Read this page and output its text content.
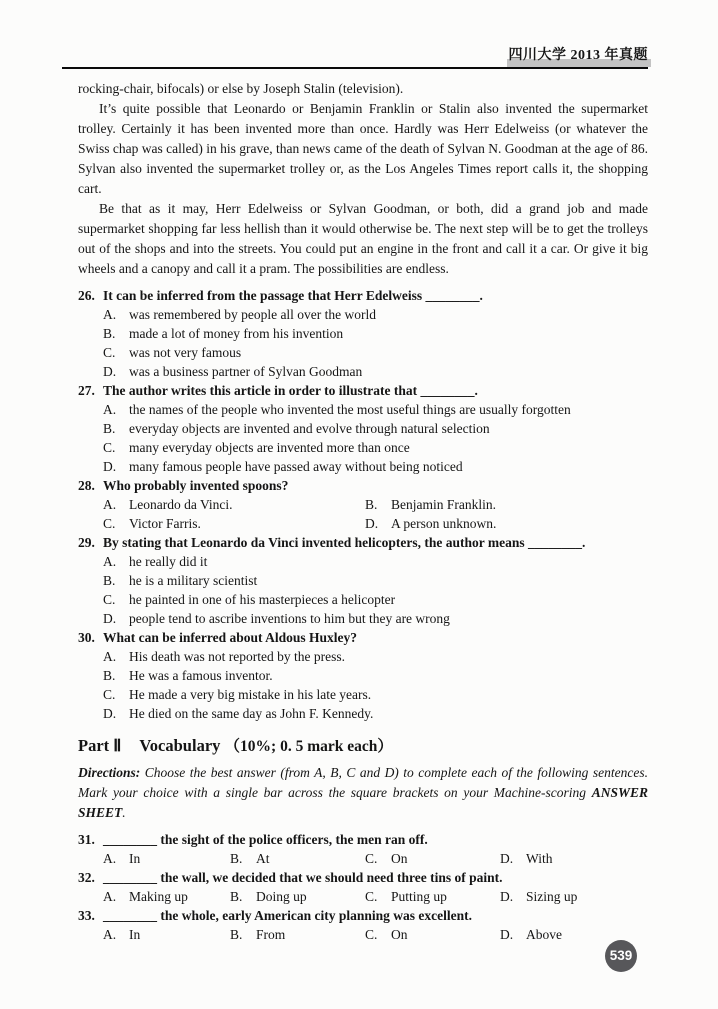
四川大学 2013 年真题

rocking-chair, bifocals) or else by Joseph Stalin (television).

It’s quite possible that Leonardo or Benjamin Franklin or Stalin also invented the supermarket trolley. Certainly it has been invented more than once. Hardly was Herr Edelweiss (or whatever the Swiss chap was called) in his grave, than news came of the death of Sylvan N. Goodman at the age of 86. Sylvan also invented the supermarket trolley or, as the Los Angeles Times report calls it, the shopping cart.

Be that as it may, Herr Edelweiss or Sylvan Goodman, or both, did a grand job and made supermarket shopping far less hellish than it would otherwise be. The next step will be to get the trolleys out of the shops and into the streets. You could put an engine in the front and call it a car. Or give it big wheels and a canopy and call it a pram. The possibilities are endless.

26. It can be inferred from the passage that Herr Edelweiss ________.
A. was remembered by people all over the world
B. made a lot of money from his invention
C. was not very famous
D. was a business partner of Sylvan Goodman
27. The author writes this article in order to illustrate that ________.
A. the names of the people who invented the most useful things are usually forgotten
B. everyday objects are invented and evolve through natural selection
C. many everyday objects are invented more than once
D. many famous people have passed away without being noticed
28. Who probably invented spoons?
A. Leonardo da Vinci.	B. Benjamin Franklin.
C. Victor Farris.	D. A person unknown.
29. By stating that Leonardo da Vinci invented helicopters, the author means ________.
A. he really did it
B. he is a military scientist
C. he painted in one of his masterpieces a helicopter
D. people tend to ascribe inventions to him but they are wrong
30. What can be inferred about Aldous Huxley?
A. His death was not reported by the press.
B. He was a famous inventor.
C. He made a very big mistake in his late years.
D. He died on the same day as John F. Kennedy.
Part Ⅱ Vocabulary （10%; 0. 5 mark each）

Directions: Choose the best answer (from A, B, C and D) to complete each of the following sentences. Mark your choice with a single bar across the square brackets on your Machine-scoring ANSWER SHEET.

31. ________ the sight of the police officers, the men ran off.
A. In	B. At	C. On	D. With
32. ________ the wall, we decided that we should need three tins of paint.
A. Making up	B. Doing up	C. Putting up	D. Sizing up
33. ________ the whole, early American city planning was excellent.
A. In	B. From	C. On	D. Above
539
